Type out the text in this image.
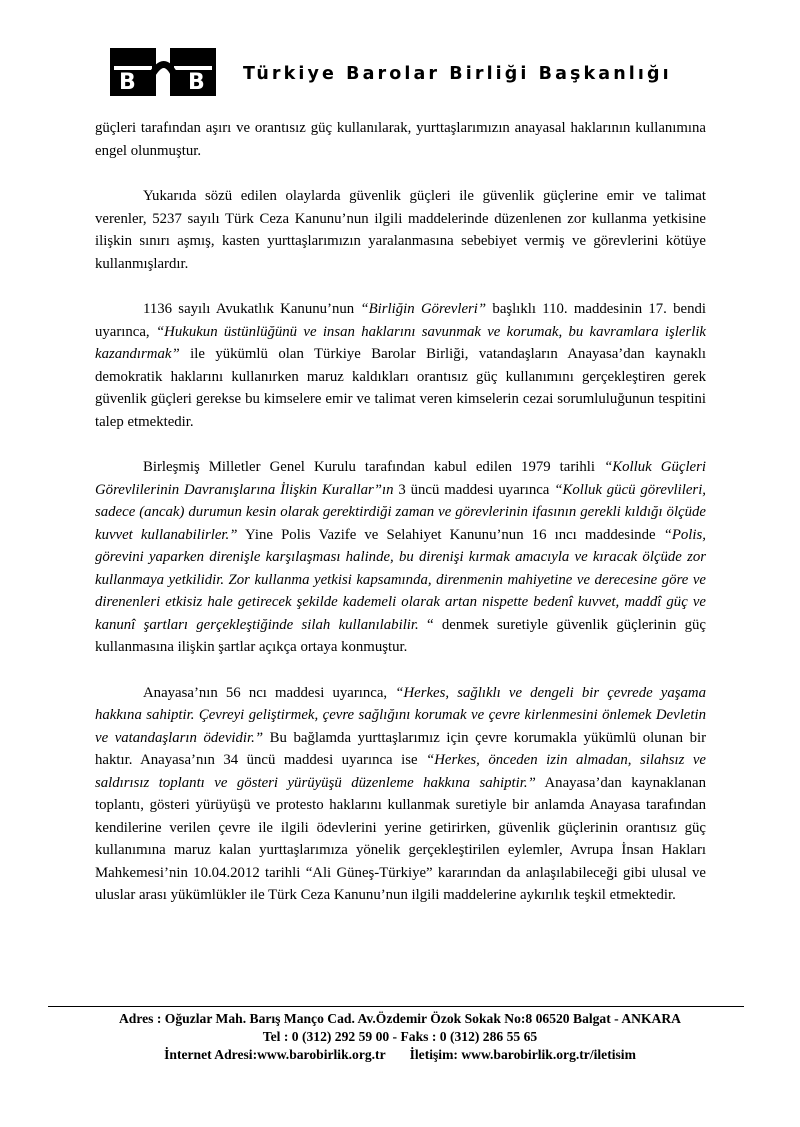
B B Türkiye Barolar Birliği Başkanlığı

güçleri tarafından aşırı ve orantısız güç kullanılarak, yurttaşlarımızın anayasal haklarının kullanımına engel olunmuştur.

Yukarıda sözü edilen olaylarda güvenlik güçleri ile güvenlik güçlerine emir ve talimat verenler, 5237 sayılı Türk Ceza Kanunu’nun ilgili maddelerinde düzenlenen zor kullanma yetkisine ilişkin sınırı aşmış, kasten yurttaşlarımızın yaralanmasına sebebiyet vermiş ve görevlerini kötüye kullanmışlardır.

1136 sayılı Avukatlık Kanunu’nun “Birliğin Görevleri” başlıklı 110. maddesinin 17. bendi uyarınca, “Hukukun üstünlüğünü ve insan haklarını savunmak ve korumak, bu kavramlara işlerlik kazandırmak” ile yükümlü olan Türkiye Barolar Birliği, vatandaşların Anayasa’dan kaynaklı demokratik haklarını kullanırken maruz kaldıkları orantısız güç kullanımını gerçekleştiren gerek güvenlik güçleri gerekse bu kimselere emir ve talimat veren kimselerin cezai sorumluluğunun tespitini talep etmektedir.

Birleşmiş Milletler Genel Kurulu tarafından kabul edilen 1979 tarihli “Kolluk Güçleri Görevlilerinin Davranışlarına İlişkin Kurallar”ın 3 üncü maddesi uyarınca “Kolluk gücü görevlileri, sadece (ancak) durumun kesin olarak gerektirdiği zaman ve görevlerinin ifasının gerekli kıldığı ölçüde kuvvet kullanabilirler.” Yine Polis Vazife ve Selahiyet Kanunu’nun 16 ıncı maddesinde “Polis, görevini yaparken direnişle karşılaşması halinde, bu direnişi kırmak amacıyla ve kıracak ölçüde zor kullanmaya yetkilidir. Zor kullanma yetkisi kapsamında, direnmenin mahiyetine ve derecesine göre ve direnenleri etkisiz hale getirecek şekilde kademeli olarak artan nispette bedenî kuvvet, maddî güç ve kanunî şartları gerçekleştiğinde silah kullanılabilir. “ denmek suretiyle güvenlik güçlerinin güç kullanmasına ilişkin şartlar açıkça ortaya konmuştur.

Anayasa’nın 56 ncı maddesi uyarınca, “Herkes, sağlıklı ve dengeli bir çevrede yaşama hakkına sahiptir. Çevreyi geliştirmek, çevre sağlığını korumak ve çevre kirlenmesini önlemek Devletin ve vatandaşların ödevidir.” Bu bağlamda yurttaşlarımız için çevre korumakla yükümlü olunan bir haktır. Anayasa’nın 34 üncü maddesi uyarınca ise “Herkes, önceden izin almadan, silahsız ve saldırısız toplantı ve gösteri yürüyüşü düzenleme hakkına sahiptir.” Anayasa’dan kaynaklanan toplantı, gösteri yürüyüşü ve protesto haklarını kullanmak suretiyle bir anlamda Anayasa tarafından kendilerine verilen çevre ile ilgili ödevlerini yerine getirirken, güvenlik güçlerinin orantısız güç kullanımına maruz kalan yurttaşlarımıza yönelik gerçekleştirilen eylemler, Avrupa İnsan Hakları Mahkemesi’nin 10.04.2012 tarihli “Ali Güneş-Türkiye” kararından da anlaşılabileceği gibi ulusal ve uluslar arası yükümlükler ile Türk Ceza Kanunu’nun ilgili maddelerine aykırılık teşkil etmektedir.

Adres : Oğuzlar Mah. Barış Manço Cad. Av.Özdemir Özok Sokak No:8 06520 Balgat - ANKARA
Tel : 0 (312) 292 59 00 - Faks : 0 (312) 286 55 65
İnternet Adresi:www.barobirlik.org.tr İletişim: www.barobirlik.org.tr/iletisim
